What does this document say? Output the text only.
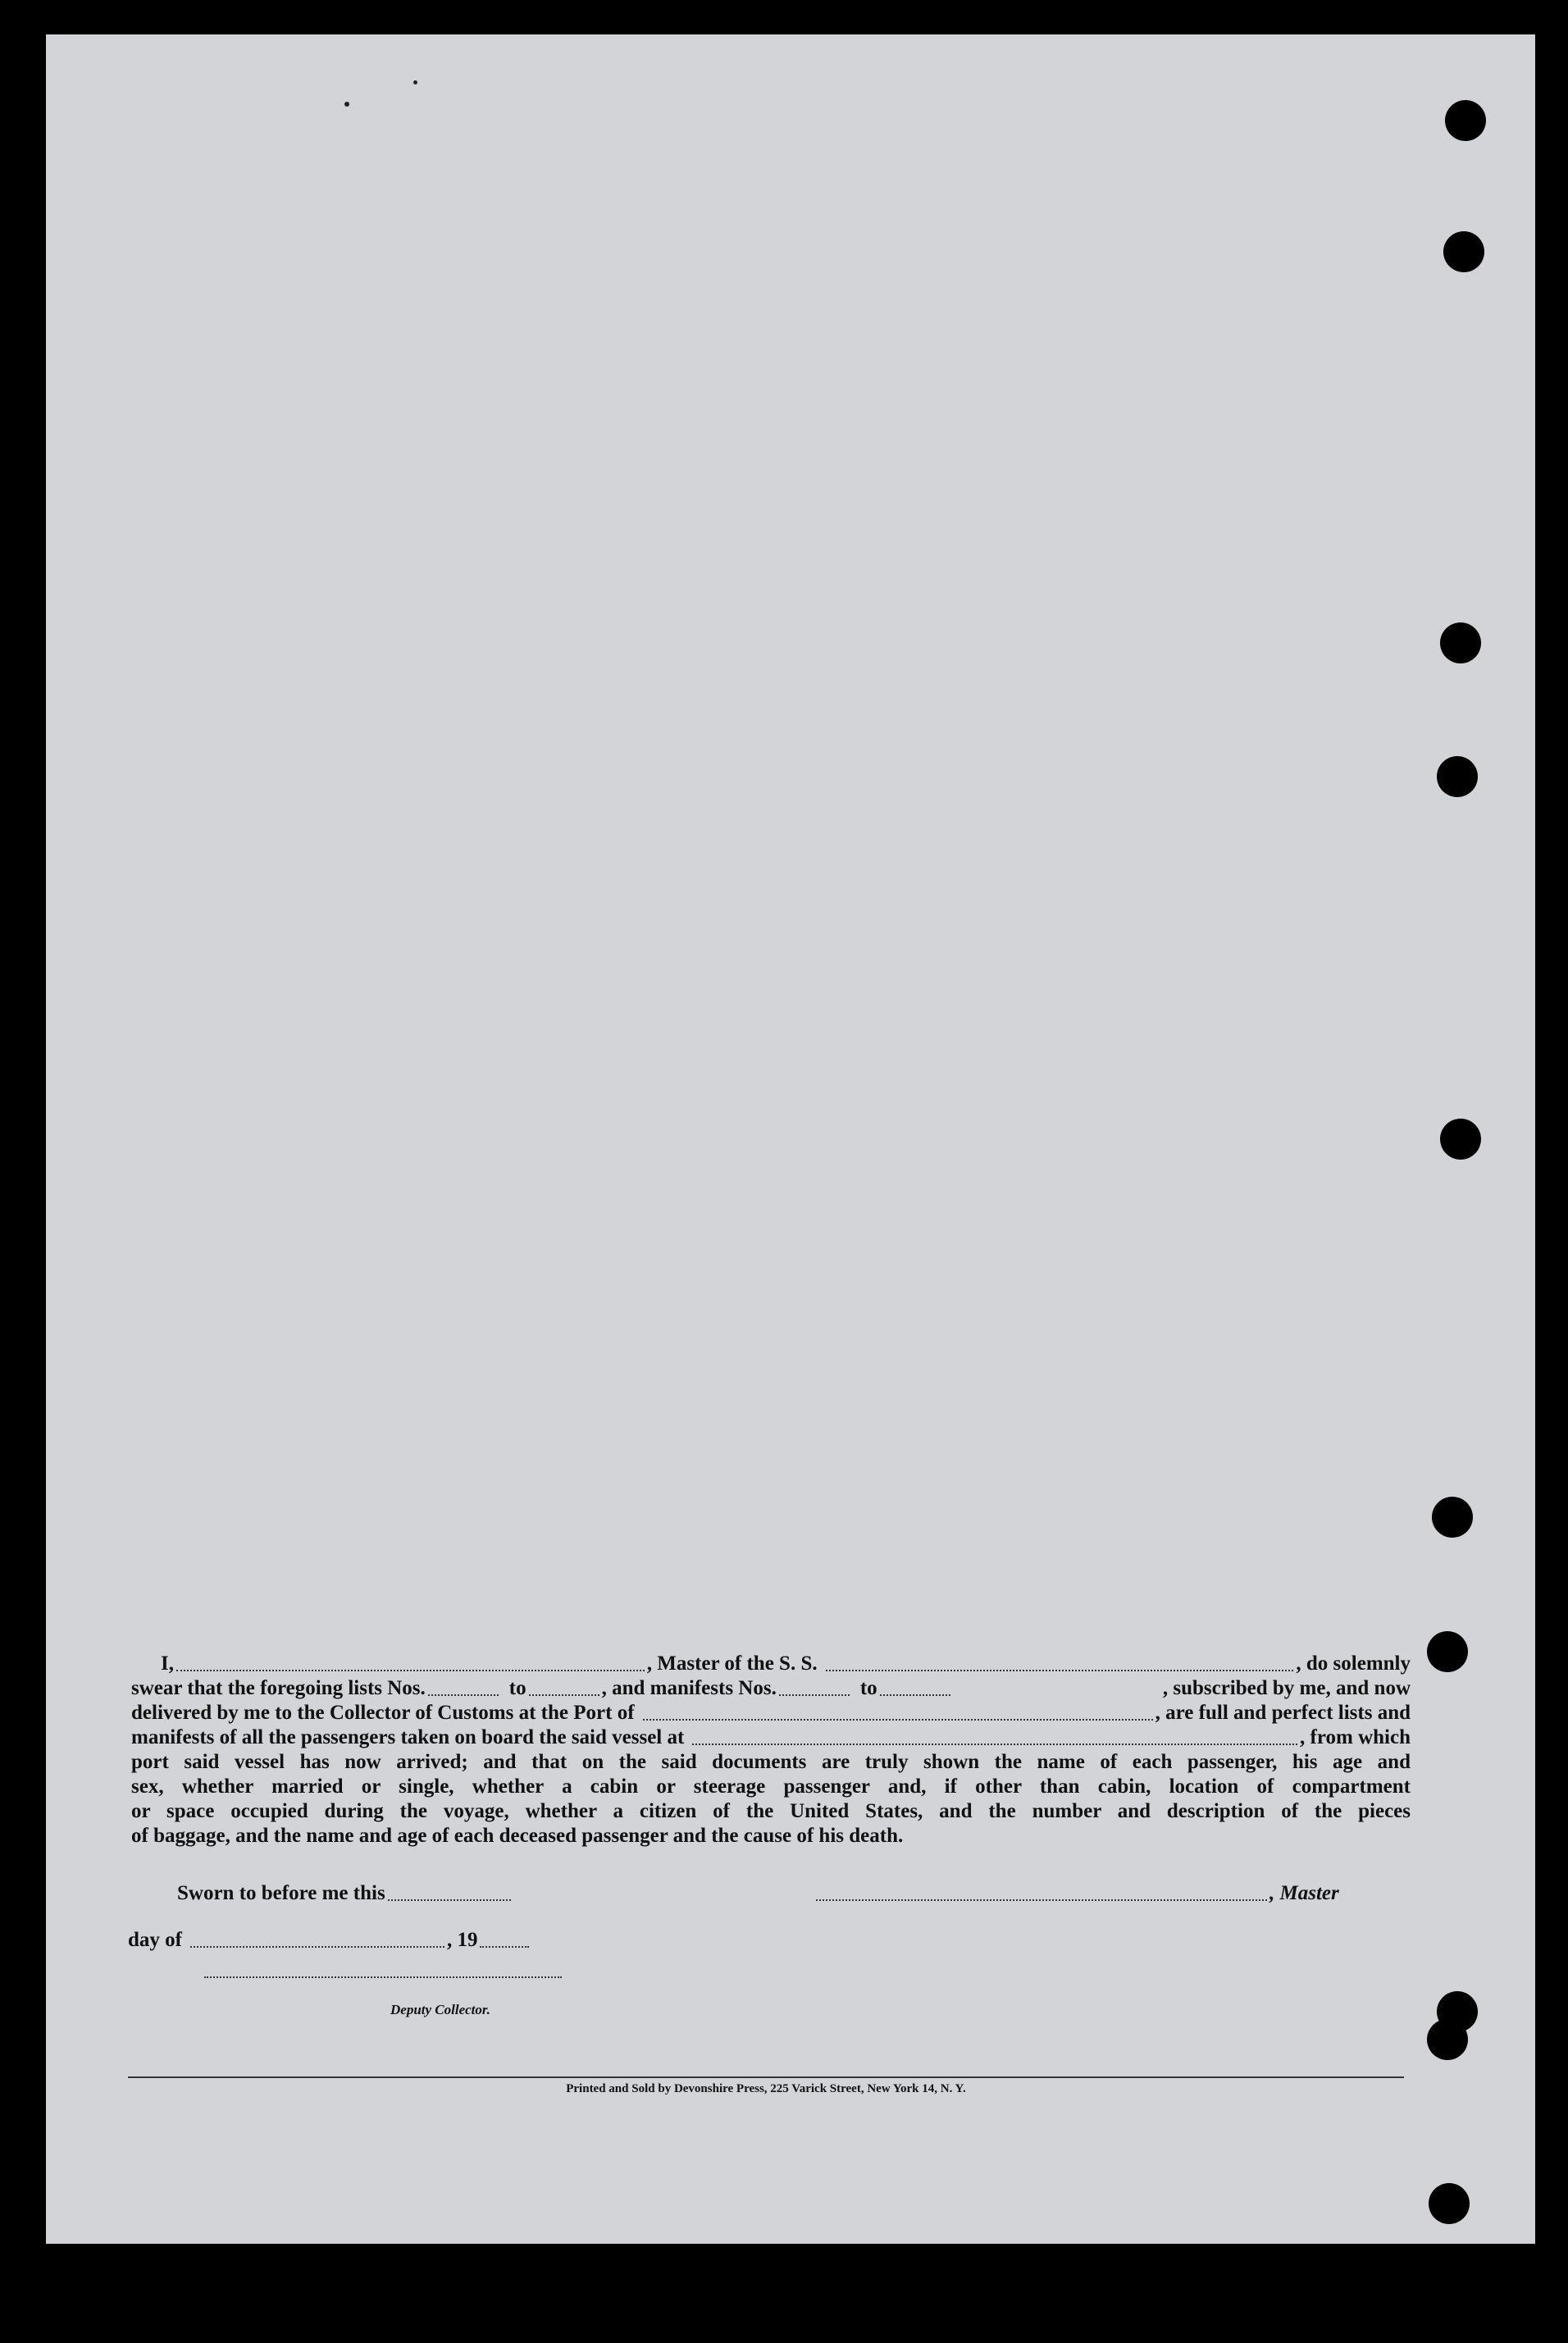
I,	, Master of the S. S.	, do solemnly
swear that the foregoing lists Nos.	to	, and manifests Nos.	to	, subscribed by me, and now
delivered by me to the Collector of Customs at the Port of	, are full and perfect lists and
manifests of all the passengers taken on board the said vessel at	, from which
port said vessel has now arrived; and that on the said documents are truly shown the name of each passenger, his age and
sex, whether married or single, whether a cabin or steerage passenger and, if other than cabin, location of compartment
or space occupied during the voyage, whether a citizen of the United States, and the number and description of the pieces
of baggage, and the name and age of each deceased passenger and the cause of his death.
Sworn to before me this	, Master
day of	, 19
Deputy Collector.
Printed and Sold by Devonshire Press, 225 Varick Street, New York 14, N. Y.
